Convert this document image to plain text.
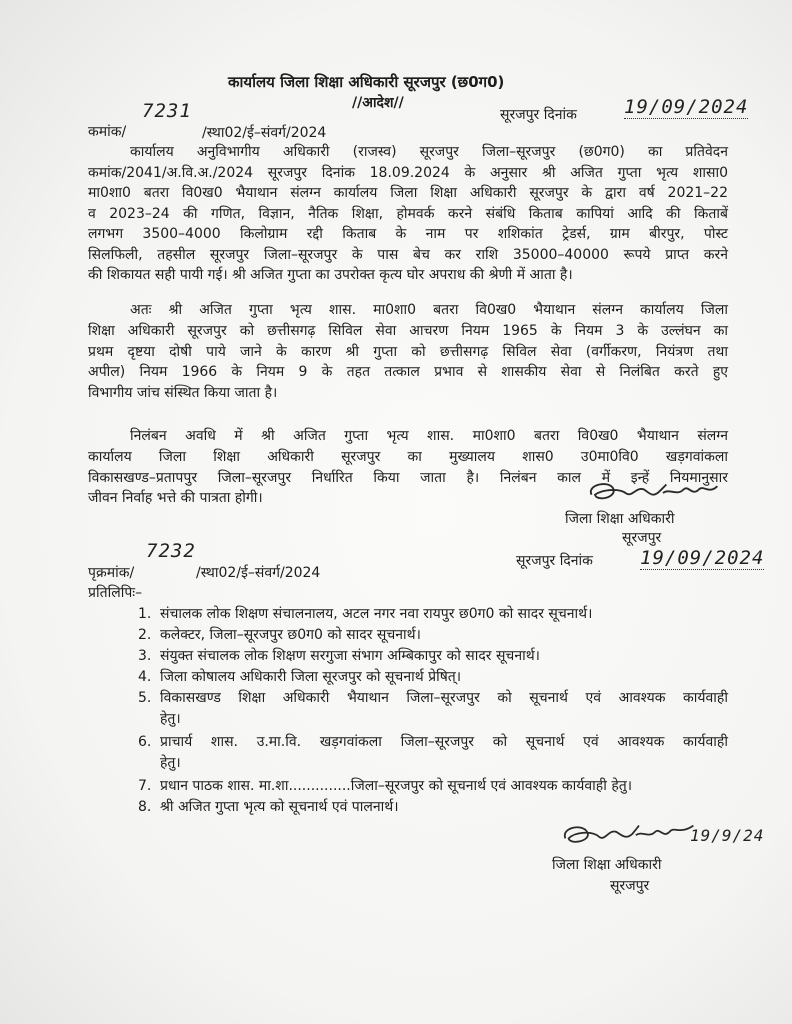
कार्यालय जिला शिक्षा अधिकारी सूरजपुर (छ0ग0)
//आदेश//
कमांक/
7231
/स्था02/ई–संवर्ग/2024
सूरजपुर दिनांक 19/09/2024
कार्यालय अनुविभागीय अधिकारी (राजस्व) सूरजपुर जिला–सूरजपुर (छ0ग0) का प्रतिवेदन
कमांक/2041/अ.वि.अ./2024 सूरजपुर दिनांक 18.09.2024 के अनुसार श्री अजित गुप्ता भृत्य शासा0
मा0शा0 बतरा वि0ख0 भैयाथान संलग्न कार्यालय जिला शिक्षा अधिकारी सूरजपुर के द्वारा वर्ष 2021–22
व 2023–24 की गणित, विज्ञान, नैतिक शिक्षा, होमवर्क करने संबंधि किताब कापियां आदि की किताबें
लगभग 3500–4000 किलोग्राम रद्दी किताब के नाम पर शशिकांत ट्रेडर्स, ग्राम बीरपुर, पोस्ट
सिलफिली, तहसील सूरजपुर जिला–सूरजपुर के पास बेच कर राशि 35000–40000 रूपये प्राप्त करने
की शिकायत सही पायी गई। श्री अजित गुप्ता का उपरोक्त कृत्य घोर अपराध की श्रेणी में आता है।
अतः श्री अजित गुप्ता भृत्य शास. मा0शा0 बतरा वि0ख0 भैयाथान संलग्न कार्यालय जिला
शिक्षा अधिकारी सूरजपुर को छत्तीसगढ़ सिविल सेवा आचरण नियम 1965 के नियम 3 के उल्लंघन का
प्रथम दृष्टया दोषी पाये जाने के कारण श्री गुप्ता को छत्तीसगढ़ सिविल सेवा (वर्गीकरण, नियंत्रण तथा
अपील) नियम 1966 के नियम 9 के तहत तत्काल प्रभाव से शासकीय सेवा से निलंबित करते हुए
विभागीय जांच संस्थित किया जाता है।
निलंबन अवधि में श्री अजित गुप्ता भृत्य शास. मा0शा0 बतरा वि0ख0 भैयाथान संलग्न
कार्यालय जिला शिक्षा अधिकारी सूरजपुर का मुख्यालय शास0 उ0मा0वि0 खड़गवांकला
विकासखण्ड–प्रतापपुर जिला–सूरजपुर निर्धारित किया जाता है। निलंबन काल में इन्हें नियमानुसार
जीवन निर्वाह भत्ते की पात्रता होगी।
जिला शिक्षा अधिकारी
सूरजपुर
पृक्रमांक/
7232
/स्था02/ई–संवर्ग/2024
सूरजपुर दिनांक 19/09/2024
प्रतिलिपिः–
1. संचालक लोक शिक्षण संचालनालय, अटल नगर नवा रायपुर छ0ग0 को सादर सूचनार्थ।
2. कलेक्टर, जिला–सूरजपुर छ0ग0 को सादर सूचनार्थ।
3. संयुक्त संचालक लोक शिक्षण सरगुजा संभाग अम्बिकापुर को सादर सूचनार्थ।
4. जिला कोषालय अधिकारी जिला सूरजपुर को सूचनार्थ प्रेषित्।
5. विकासखण्ड शिक्षा अधिकारी भैयाथान जिला–सूरजपुर को सूचनार्थ एवं आवश्यक कार्यवाही
हेतु।
6. प्राचार्य शास. उ.मा.वि. खड़गवांकला जिला–सूरजपुर को सूचनार्थ एवं आवश्यक कार्यवाही
हेतु।
7. प्रधान पाठक शास. मा.शा..............जिला–सूरजपुर को सूचनार्थ एवं आवश्यक कार्यवाही हेतु।
8. श्री अजित गुप्ता भृत्य को सूचनार्थ एवं पालनार्थ।
19/9/24
जिला शिक्षा अधिकारी
सूरजपुर
